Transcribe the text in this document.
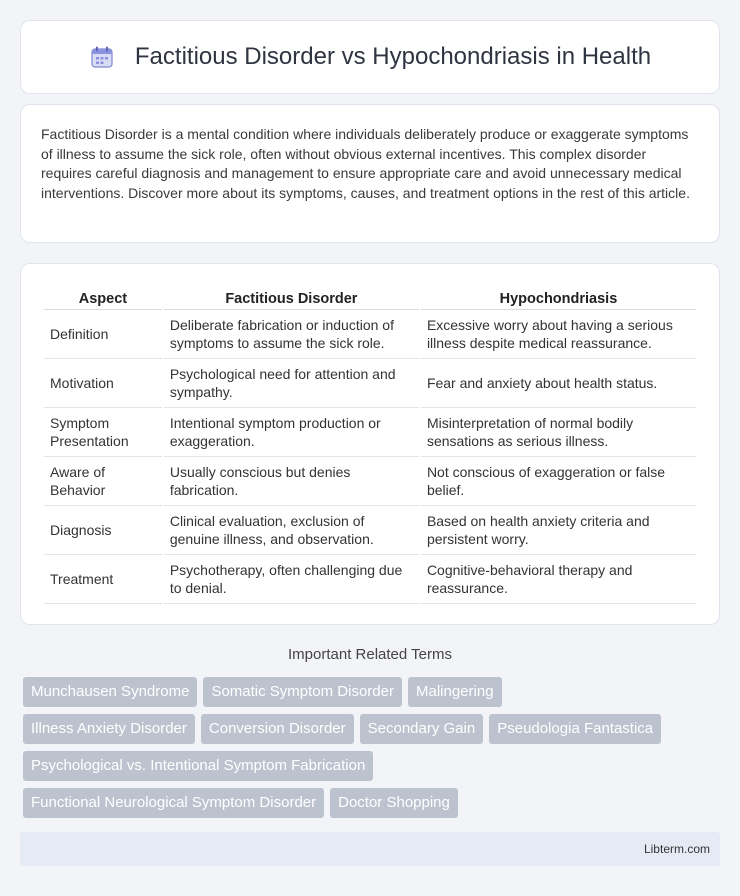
Factitious Disorder vs Hypochondriasis in Health

Factitious Disorder is a mental condition where individuals deliberately produce or exaggerate symptoms of illness to assume the sick role, often without obvious external incentives. This complex disorder requires careful diagnosis and management to ensure appropriate care and avoid unnecessary medical interventions. Discover more about its symptoms, causes, and treatment options in the rest of this article.

Aspect	Factitious Disorder	Hypochondriasis
Definition	Deliberate fabrication or induction of symptoms to assume the sick role.	Excessive worry about having a serious illness despite medical reassurance.
Motivation	Psychological need for attention and sympathy.	Fear and anxiety about health status.
Symptom Presentation	Intentional symptom production or exaggeration.	Misinterpretation of normal bodily sensations as serious illness.
Aware of Behavior	Usually conscious but denies fabrication.	Not conscious of exaggeration or false belief.
Diagnosis	Clinical evaluation, exclusion of genuine illness, and observation.	Based on health anxiety criteria and persistent worry.
Treatment	Psychotherapy, often challenging due to denial.	Cognitive-behavioral therapy and reassurance.
Important Related Terms
Munchausen Syndrome	Somatic Symptom Disorder	Malingering
Illness Anxiety Disorder	Conversion Disorder	Secondary Gain	Pseudologia Fantastica
Psychological vs. Intentional Symptom Fabrication
Functional Neurological Symptom Disorder	Doctor Shopping
Libterm.com
